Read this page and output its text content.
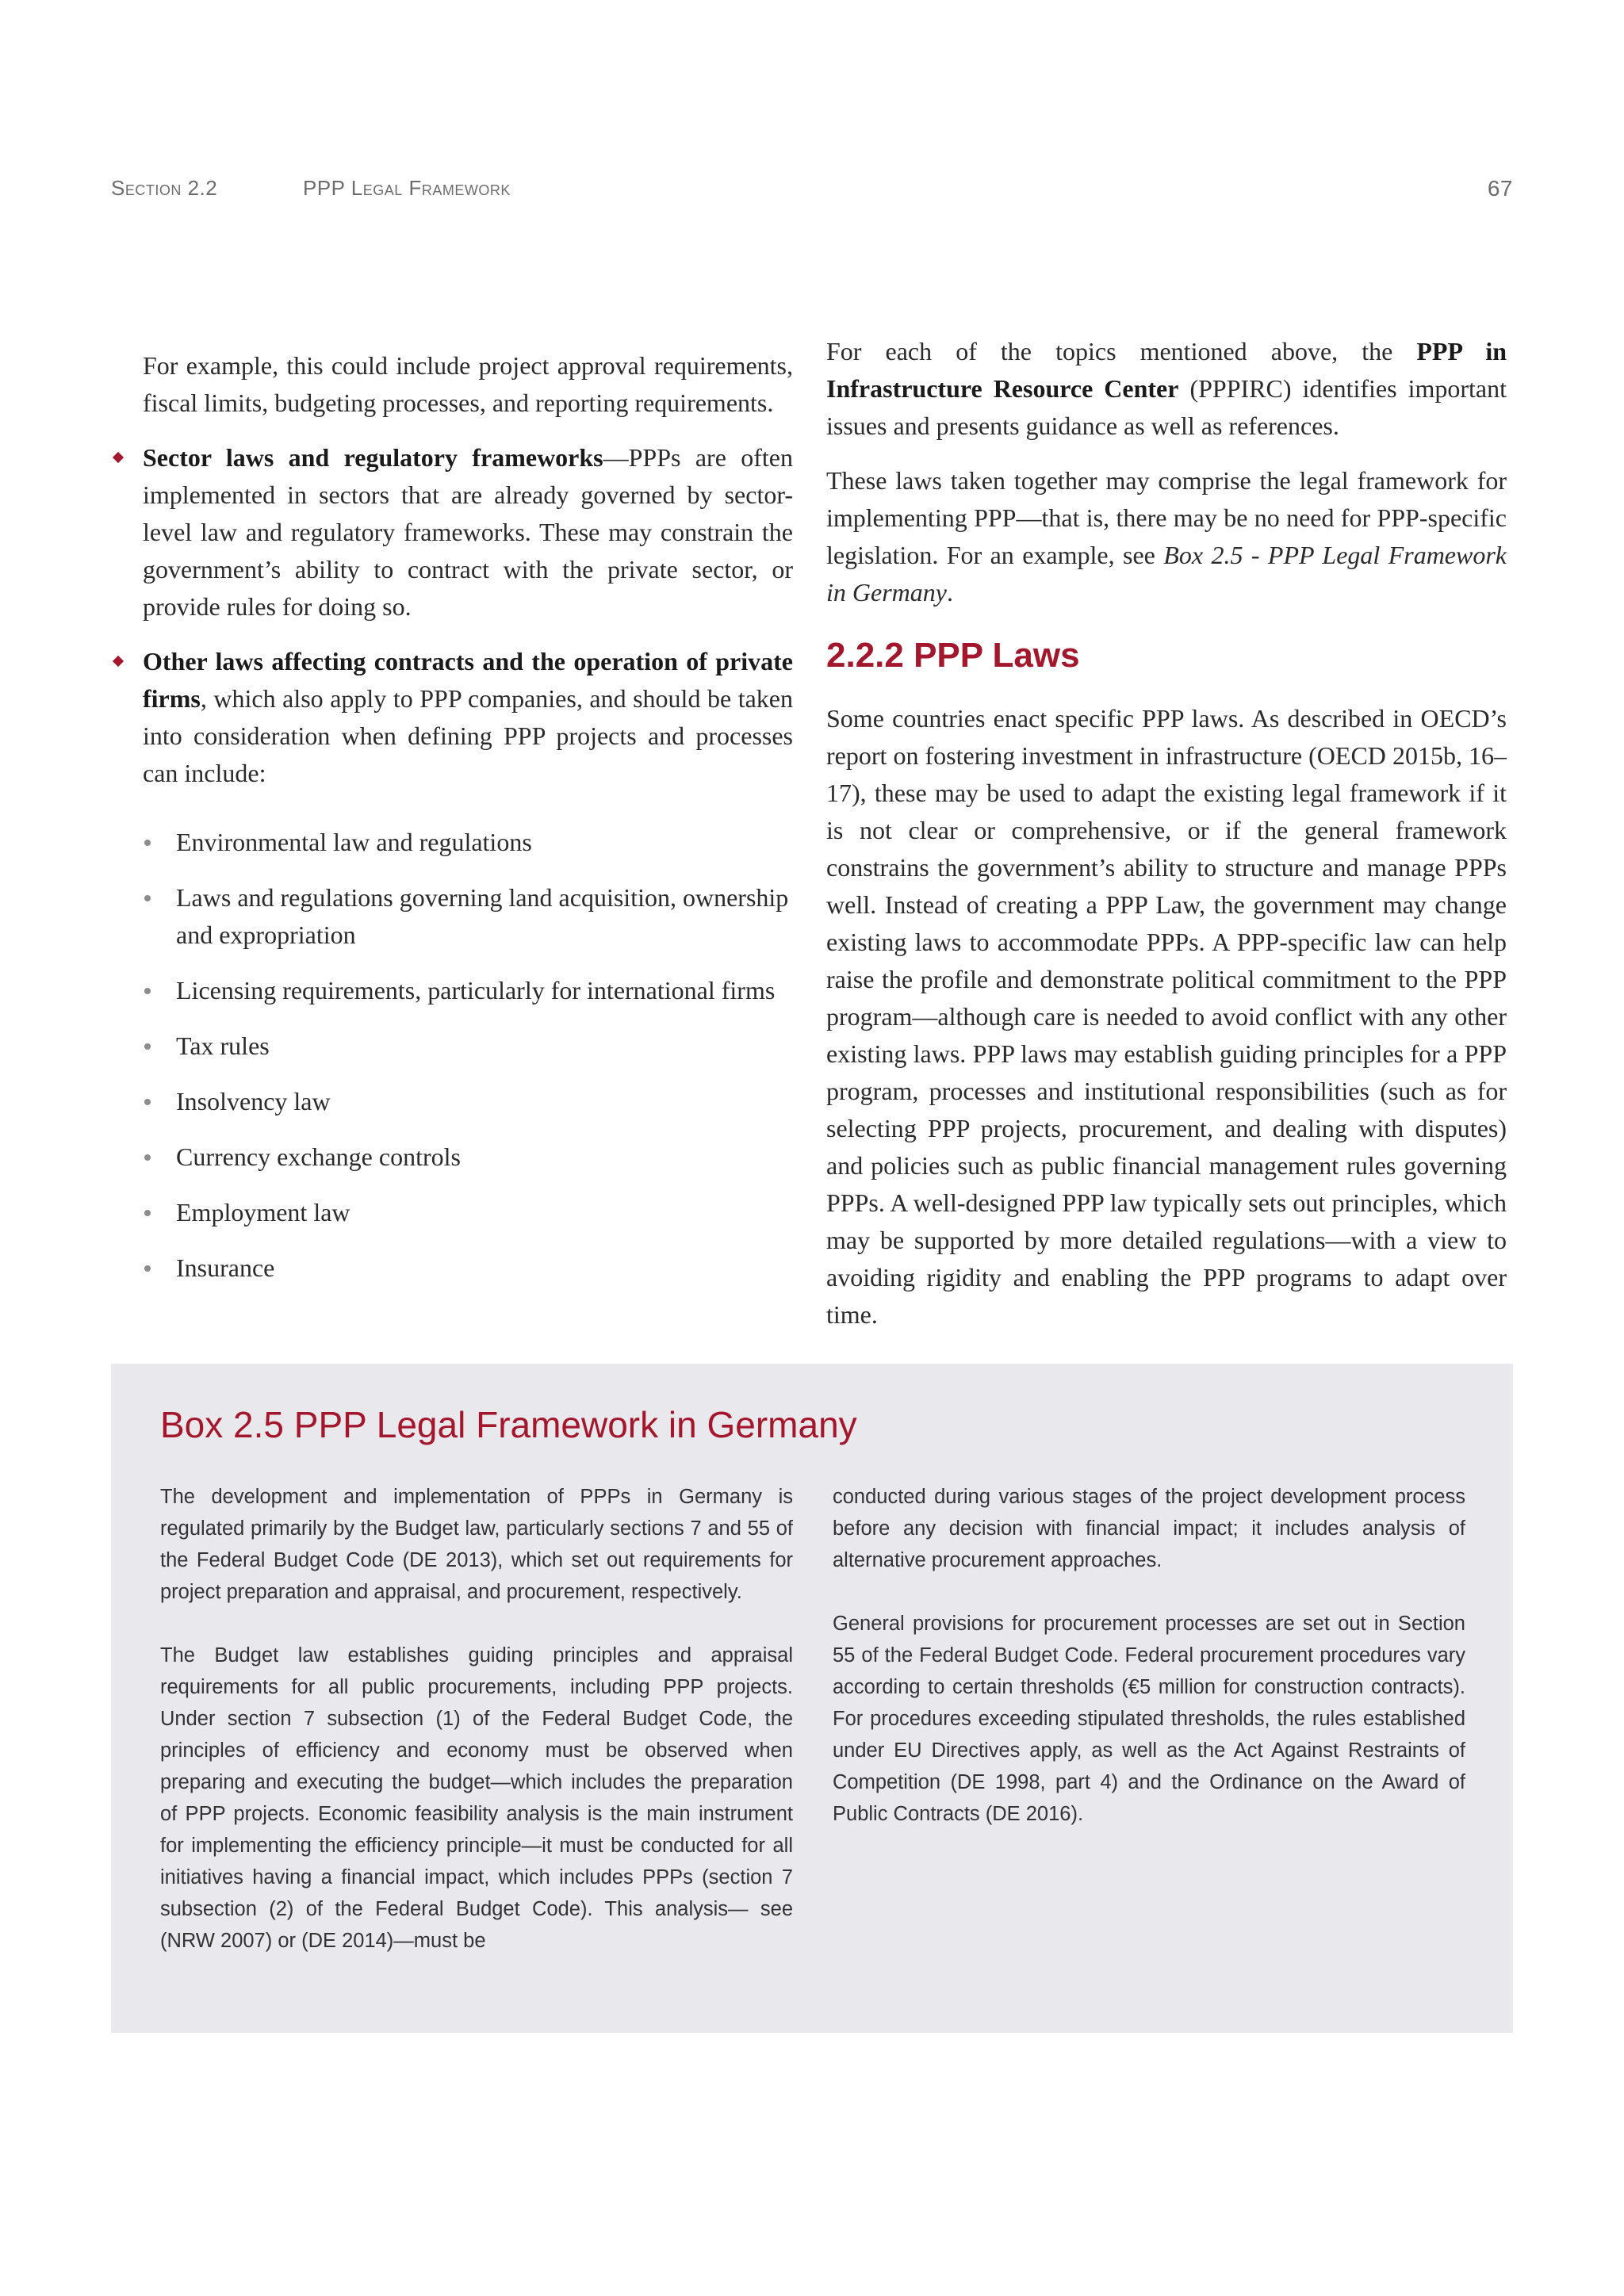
Section 2.2	PPP Legal Framework	67

For example, this could include project approval requirements, fiscal limits, budgeting processes, and reporting requirements.

Sector laws and regulatory frameworks—PPPs are often implemented in sectors that are already governed by sector-level law and regulatory frameworks. These may constrain the government’s ability to contract with the private sector, or provide rules for doing so.
Other laws affecting contracts and the operation of private firms, which also apply to PPP companies, and should be taken into consideration when defining PPP projects and processes can include:
Environmental law and regulations
Laws and regulations governing land acquisition, ownership and expropriation
Licensing requirements, particularly for international firms
Tax rules
Insolvency law
Currency exchange controls
Employment law
Insurance

For each of the topics mentioned above, the PPP in Infrastructure Resource Center (PPPIRC) identifies important issues and presents guidance as well as references.

These laws taken together may comprise the legal framework for implementing PPP—that is, there may be no need for PPP-specific legislation. For an example, see Box 2.5 - PPP Legal Framework in Germany.

2.2.2 PPP Laws

Some countries enact specific PPP laws. As described in OECD’s report on fostering investment in infrastructure (OECD 2015b, 16–17), these may be used to adapt the existing legal framework if it is not clear or comprehensive, or if the general framework constrains the government’s ability to structure and manage PPPs well. Instead of creating a PPP Law, the government may change existing laws to accommodate PPPs. A PPP-specific law can help raise the profile and demonstrate political commitment to the PPP program—although care is needed to avoid conflict with any other existing laws. PPP laws may establish guiding principles for a PPP program, processes and institutional responsibilities (such as for selecting PPP projects, procurement, and dealing with disputes) and policies such as public financial management rules governing PPPs. A well-designed PPP law typically sets out principles, which may be supported by more detailed regulations—with a view to avoiding rigidity and enabling the PPP programs to adapt over time.

Box 2.5 PPP Legal Framework in Germany

The development and implementation of PPPs in Germany is regulated primarily by the Budget law, particularly sections 7 and 55 of the Federal Budget Code (DE 2013), which set out requirements for project preparation and appraisal, and procurement, respectively.

The Budget law establishes guiding principles and appraisal requirements for all public procurements, including PPP projects. Under section 7 subsection (1) of the Federal Budget Code, the principles of efficiency and economy must be observed when preparing and executing the budget—which includes the preparation of PPP projects. Economic feasibility analysis is the main instrument for implementing the efficiency principle—it must be conducted for all initiatives having a financial impact, which includes PPPs (section 7 subsection (2) of the Federal Budget Code). This analysis— see (NRW 2007) or (DE 2014)—must be

conducted during various stages of the project development process before any decision with financial impact; it includes analysis of alternative procurement approaches.

General provisions for procurement processes are set out in Section 55 of the Federal Budget Code. Federal procurement procedures vary according to certain thresholds (€5 million for construction contracts). For procedures exceeding stipulated thresholds, the rules established under EU Directives apply, as well as the Act Against Restraints of Competition (DE 1998, part 4) and the Ordinance on the Award of Public Contracts (DE 2016).
